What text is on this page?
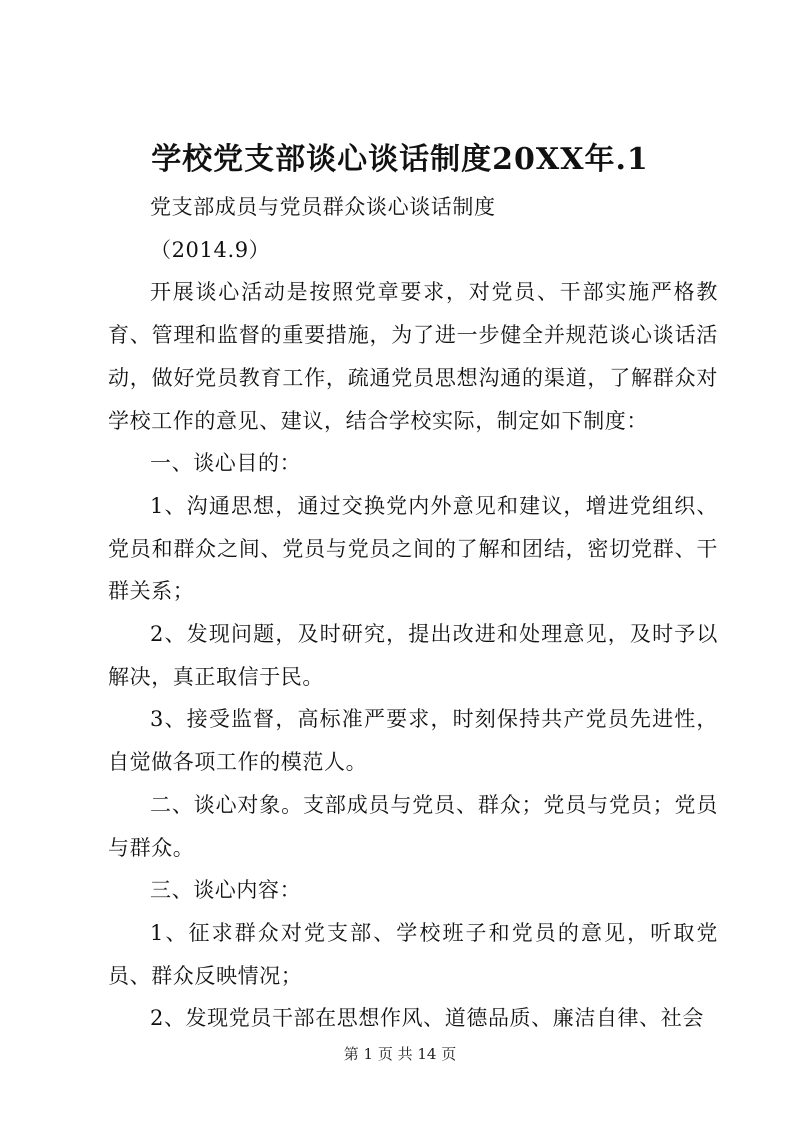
学校党支部谈心谈话制度20XX年.1

党支部成员与党员群众谈心谈话制度

（2014.9）

开展谈心活动是按照党章要求，对党员、干部实施严格教育、管理和监督的重要措施，为了进一步健全并规范谈心谈话活动，做好党员教育工作，疏通党员思想沟通的渠道，了解群众对学校工作的意见、建议，结合学校实际，制定如下制度：

一、谈心目的：

1、沟通思想，通过交换党内外意见和建议，增进党组织、党员和群众之间、党员与党员之间的了解和团结，密切党群、干群关系；

2、发现问题，及时研究，提出改进和处理意见，及时予以解决，真正取信于民。

3、接受监督，高标准严要求，时刻保持共产党员先进性，自觉做各项工作的模范人。

二、谈心对象。支部成员与党员、群众；党员与党员；党员与群众。

三、谈心内容：

1、征求群众对党支部、学校班子和党员的意见，听取党员、群众反映情况；

2、发现党员干部在思想作风、道德品质、廉洁自律、社会

第 1 页 共 14 页
